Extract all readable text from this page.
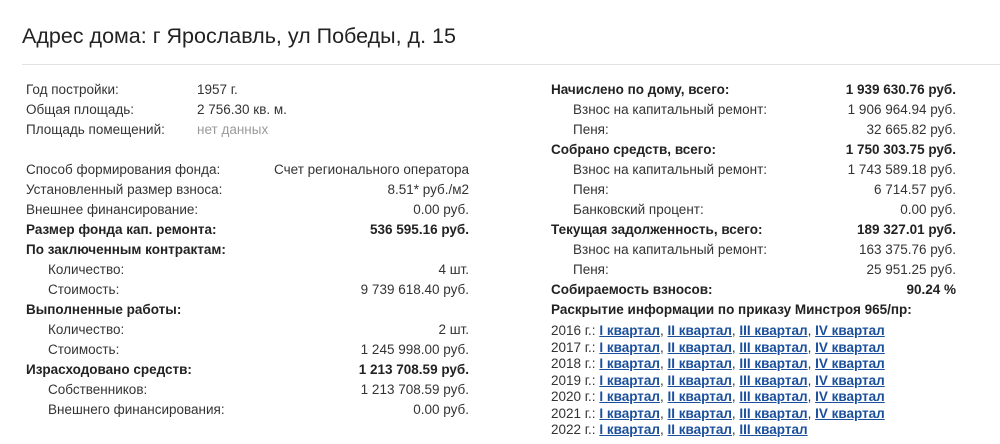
Адрес дома: г Ярославль, ул Победы, д. 15
Год постройки:	1957 г.
Общая площадь:	2 756.30 кв. м.
Площадь помещений: нет данных
Способ формирования фонда:	Счет регионального оператора
Установленный размер взноса:	8.51* руб./м2
Внешнее финансирование:	0.00 руб.
Размер фонда кап. ремонта:	536 595.16 руб.
По заключенным контрактам:
Количество:	4 шт.
Стоимость:	9 739 618.40 руб.
Выполненные работы:
Количество:	2 шт.
Стоимость:	1 245 998.00 руб.
Израсходовано средств:	1 213 708.59 руб.
Собственников:	1 213 708.59 руб.
Внешнего финансирования:	0.00 руб.
Начислено по дому, всего:	1 939 630.76 руб.
Взнос на капитальный ремонт:	1 906 964.94 руб.
Пеня:	32 665.82 руб.
Собрано средств, всего:	1 750 303.75 руб.
Взнос на капитальный ремонт:	1 743 589.18 руб.
Пеня:	6 714.57 руб.
Банковский процент:	0.00 руб.
Текущая задолженность, всего:	189 327.01 руб.
Взнос на капитальный ремонт:	163 375.76 руб.
Пеня:	25 951.25 руб.
Собираемость взносов:	90.24 %
Раскрытие информации по приказу Минстроя 965/пр:
2016 г.: I квартал, II квартал, III квартал, IV квартал
2017 г.: I квартал, II квартал, III квартал, IV квартал
2018 г.: I квартал, II квартал, III квартал, IV квартал
2019 г.: I квартал, II квартал, III квартал, IV квартал
2020 г.: I квартал, II квартал, III квартал, IV квартал
2021 г.: I квартал, II квартал, III квартал, IV квартал
2022 г.: I квартал, II квартал, III квартал
